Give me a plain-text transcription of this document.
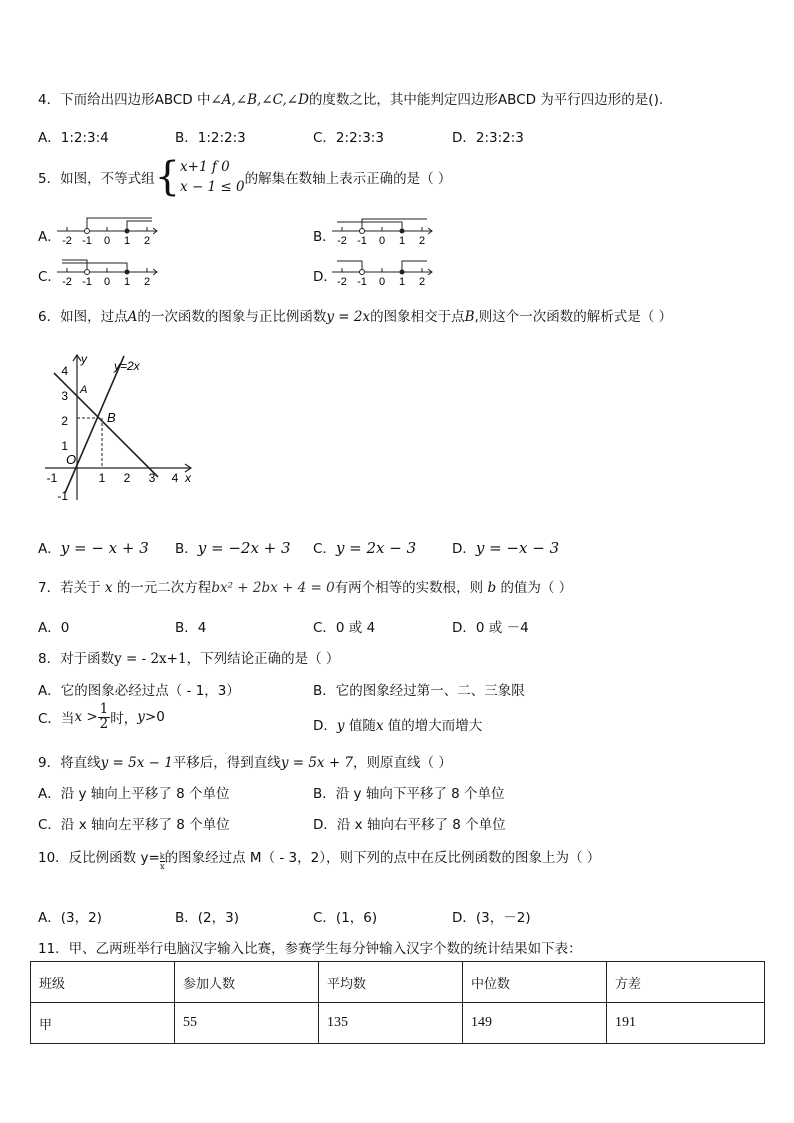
4．下而给出四边形ABCD 中∠A,∠B,∠C,∠D的度数之比，其中能判定四边形ABCD 为平行四边形的是().
A．1:2:3:4	B．1:2:2:3	C．2:2:3:3	D．2:3:2:3
5．如图，不等式组{ x+1 f 0
x − 1 ≤ 0 的解集在数轴上表示正确的是（ ）
A． -2 -1 0 1 2	B． -2 -1 0 1 2
C． -2 -1 0 1 2	D． -2 -1 0 1 2
6．如图，过点A的一次函数的图象与正比例函数y = 2x的图象相交于点B,则这个一次函数的解析式是（ ）
4
3
2
1
-1
-1	1 2 3 4 x
y
O
A
B
y=2x
A．y = − x + 3 B．y = −2x + 3 C．y = 2x − 3	D．y = −x − 3
7．若关于 x 的一元二次方程bx² + 2bx + 4 = 0有两个相等的实数根，则 b 的值为（ ）
A．0	B．4	C．0 或 4	D．0 或 －4
8．对于函数y = - 2x+1，下列结论正确的是（ ）
A．它的图象必经过点（ - 1，3）	B．它的图象经过第一、二、三象限
C．当$x > \frac{1}{2}$ 时，y>0
D．y 值随x 值的增大而增大
9．将直线y = 5x − 1平移后，得到直线y = 5x + 7，则原直线（ ）
A．沿 y 轴向上平移了 8 个单位	B．沿 y 轴向下平移了 8 个单位
C．沿 x 轴向左平移了 8 个单位	D．沿 x 轴向右平移了 8 个单位
10．反比例函数 $y= \frac{k}{x}$ 的图象经过点 M（ - 3，2），则下列的点中在反比例函数的图象上为（ ）
A．(3，2)	B．(2，3)	C．(1，6)	D．(3，－2)
11．甲、乙两班举行电脑汉字输入比赛，参赛学生每分钟输入汉字个数的统计结果如下表：
班级	参加人数	平均数	中位数	方差
甲	55	135	149	191
